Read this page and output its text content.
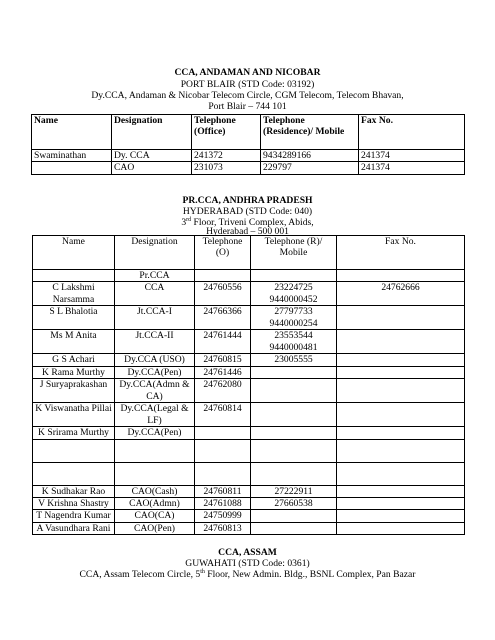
CCA, ANDAMAN AND NICOBAR
PORT BLAIR (STD Code: 03192)
Dy.CCA, Andaman & Nicobar Telecom Circle, CGM Telecom, Telecom Bhavan,
Port Blair – 744 101
Name	Designation	Telephone (Office)	Telephone (Residence)/ Mobile	Fax No.
Swaminathan	Dy. CCA	241372	9434289166	241374
	CAO	231073	229797	241374
PR.CCA, ANDHRA PRADESH
HYDERABAD (STD Code: 040)
3rd Floor, Triveni Complex, Abids,
Hyderabad – 500 001
Name	Designation	Telephone (O)	Telephone (R)/ Mobile	Fax No.
	Pr.CCA			
C Lakshmi Narsamma	CCA	24760556	23224725 9440000452	24762666
S L Bhalotia	Jt.CCA-I	24766366	27797733 9440000254	
Ms M Anita	Jt.CCA-II	24761444	23553544 9440000481	
G S Achari	Dy.CCA (USO)	24760815	23005555	
K Rama Murthy	Dy.CCA(Pen)	24761446		
J Suryaprakashan	Dy.CCA(Admn & CA)	24762080		
K Viswanatha Pillai	Dy.CCA(Legal & LF)	24760814		
K Srirama Murthy	Dy.CCA(Pen)			

K Sudhakar Rao	CAO(Cash)	24760811	27222911	
V Krishna Shastry	CAO(Admn)	24761088	27660538	
T Nagendra Kumar	CAO(CA)	24750999		
A Vasundhara Rani	CAO(Pen)	24760813		
CCA, ASSAM
GUWAHATI (STD Code: 0361)
CCA, Assam Telecom Circle, 5th Floor, New Admin. Bldg., BSNL Complex, Pan Bazar
